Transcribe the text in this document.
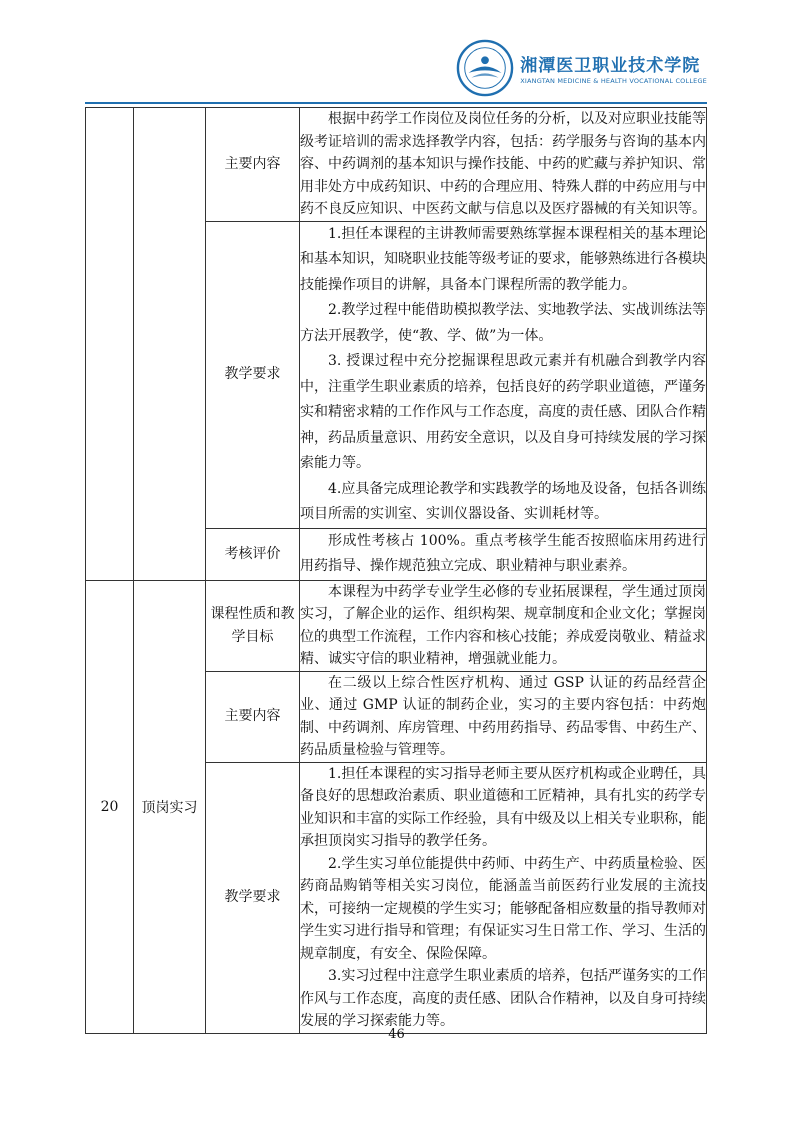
湘潭医卫职业技术学院
XIANGTAN MEDICINE & HEALTH VOCATIONAL COLLEGE
		主要内容	根据中药学工作岗位及岗位任务的分析，以及对应职业技能等级考证培训的需求选择教学内容，包括：药学服务与咨询的基本内容、中药调剂的基本知识与操作技能、中药的贮藏与养护知识、常用非处方中成药知识、中药的合理应用、特殊人群的中药应用与中药不良反应知识、中医药文献与信息以及医疗器械的有关知识等。

		教学要求	1.担任本课程的主讲教师需要熟练掌握本课程相关的基本理论和基本知识，知晓职业技能等级考证的要求，能够熟练进行各模块技能操作项目的讲解，具备本门课程所需的教学能力。

2.教学过程中能借助模拟教学法、实地教学法、实战训练法等方法开展教学，使“教、学、做”为一体。

3. 授课过程中充分挖掘课程思政元素并有机融合到教学内容中，注重学生职业素质的培养，包括良好的药学职业道德，严谨务实和精密求精的工作作风与工作态度，高度的责任感、团队合作精神，药品质量意识、用药安全意识，以及自身可持续发展的学习探索能力等。

4.应具备完成理论教学和实践教学的场地及设备，包括各训练项目所需的实训室、实训仪器设备、实训耗材等。

		考核评价	形成性考核占 100%。重点考核学生能否按照临床用药进行用药指导、操作规范独立完成、职业精神与职业素养。

20	顶岗实习	课程性质和教学目标	本课程为中药学专业学生必修的专业拓展课程，学生通过顶岗实习，了解企业的运作、组织构架、规章制度和企业文化；掌握岗位的典型工作流程，工作内容和核心技能；养成爱岗敬业、精益求精、诚实守信的职业精神，增强就业能力。

		主要内容	在二级以上综合性医疗机构、通过 GSP 认证的药品经营企业、通过 GMP 认证的制药企业，实习的主要内容包括：中药炮制、中药调剂、库房管理、中药用药指导、药品零售、中药生产、药品质量检验与管理等。

		教学要求	1.担任本课程的实习指导老师主要从医疗机构或企业聘任，具备良好的思想政治素质、职业道德和工匠精神，具有扎实的药学专业知识和丰富的实际工作经验，具有中级及以上相关专业职称，能承担顶岗实习指导的教学任务。

2.学生实习单位能提供中药师、中药生产、中药质量检验、医药商品购销等相关实习岗位，能涵盖当前医药行业发展的主流技术，可接纳一定规模的学生实习；能够配备相应数量的指导教师对学生实习进行指导和管理；有保证实习生日常工作、学习、生活的规章制度，有安全、保险保障。

3.实习过程中注意学生职业素质的培养，包括严谨务实的工作作风与工作态度，高度的责任感、团队合作精神，以及自身可持续发展的学习探索能力等。

46
